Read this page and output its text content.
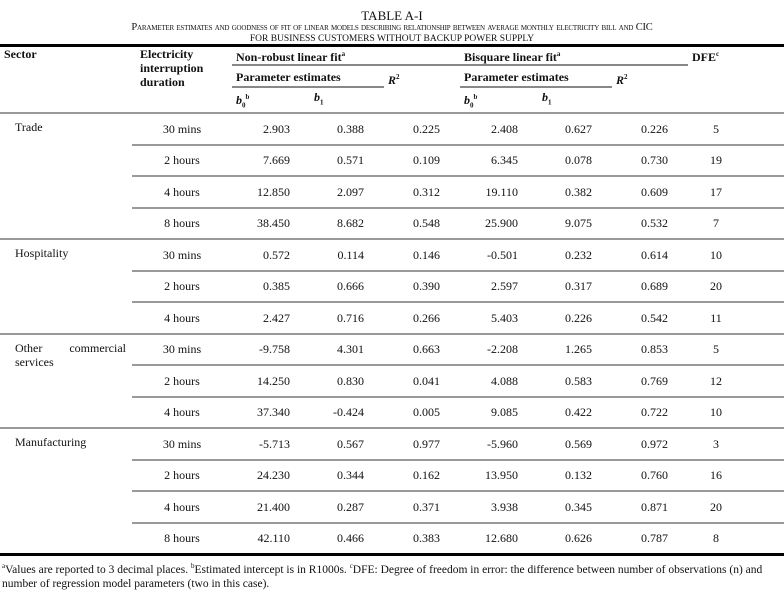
TABLE A-I
Parameter estimates and goodness of fit of linear models describing relationship between average monthly electricity bill and CIC
FOR BUSINESS CUSTOMERS WITHOUT BACKUP POWER SUPPLY
Sector	Electricity interruption duration	Non-robust linear fit$^a$			Bisquare linear fit$^a$			DFE$^c$
		Parameter estimates		$R^2$	Parameter estimates		$R^2$	
		$b_0^b$	$b_1$		$b_0^b$	$b_1$		
Trade	30 mins	2.903	0.388	0.225	2.408	0.627	0.226	5
	2 hours	7.669	0.571	0.109	6.345	0.078	0.730	19
	4 hours	12.850	2.097	0.312	19.110	0.382	0.609	17
	8 hours	38.450	8.682	0.548	25.900	9.075	0.532	7
Hospitality	30 mins	0.572	0.114	0.146	-0.501	0.232	0.614	10
	2 hours	0.385	0.666	0.390	2.597	0.317	0.689	20
	4 hours	2.427	0.716	0.266	5.403	0.226	0.542	11
Other commercial services	30 mins	-9.758	4.301	0.663	-2.208	1.265	0.853	5
	2 hours	14.250	0.830	0.041	4.088	0.583	0.769	12
	4 hours	37.340	-0.424	0.005	9.085	0.422	0.722	10
Manufacturing	30 mins	-5.713	0.567	0.977	-5.960	0.569	0.972	3
	2 hours	24.230	0.344	0.162	13.950	0.132	0.760	16
	4 hours	21.400	0.287	0.371	3.938	0.345	0.871	20
	8 hours	42.110	0.466	0.383	12.680	0.626	0.787	8
$^a$Values are reported to 3 decimal places. $^b$Estimated intercept is in R1000s. $^c$DFE: Degree of freedom in error: the difference between number of observations (n) and number of regression model parameters (two in this case).
